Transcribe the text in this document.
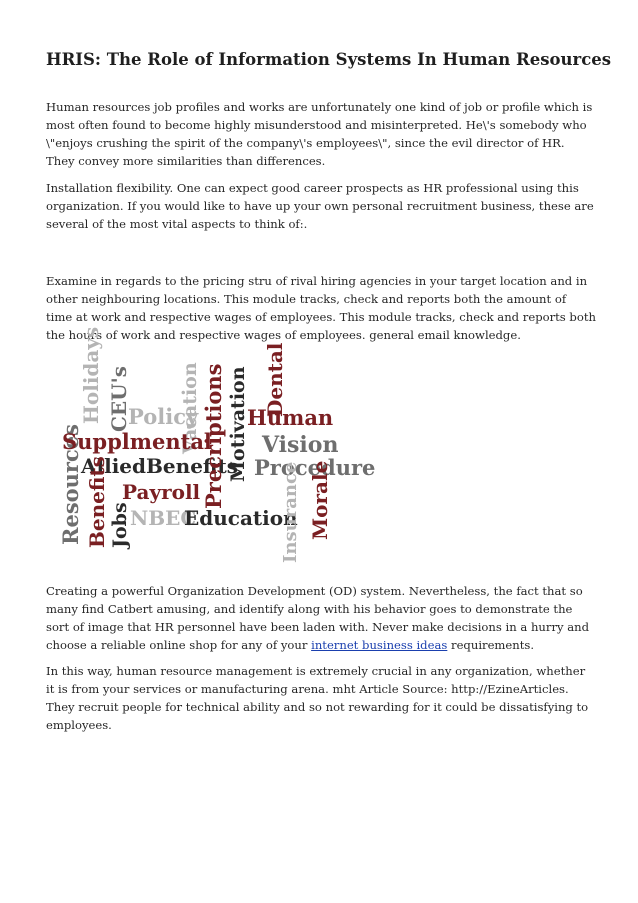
HRIS: The Role of Information Systems In Human Resources

Human resources job profiles and works are unfortunately one kind of job or profile which is most often found to become highly misunderstood and misinterpreted. He\'s somebody who \"enjoys crushing the spirit of the company\'s employees\", since the evil director of HR. They convey more similarities than differences.

Installation flexibility. One can expect good career prospects as HR professional using this organization. If you would like to have up your own personal recruitment business, these are several of the most vital aspects to think of:.

Examine in regards to the pricing stru of rival hiring agencies in your target location and in other neighbouring locations. This module tracks, check and reports both the amount of time at work and respective wages of employees. This module tracks, check and reports both the hours of work and respective wages of employees. general email knowledge.

Creating a powerful Organization Development (OD) system. Nevertheless, the fact that so many find Catbert amusing, and identify along with his behavior goes to demonstrate the sort of image that HR personnel have been laden with. Never make decisions in a hurry and choose a reliable online shop for any of your internet business ideas requirements.

In this way, human resource management is extremely crucial in any organization, whether it is from your services or manufacturing arena. mht Article Source: http://EzineArticles. They recruit people for technical ability and so not rewarding for it could be dissatisfying to employees.

Resources
Holidays CEU's
Policy
Vacation
Supplmental
AlliedBenefits
Benefits Jobs
Payroll
NBEC
Education
Precriptions Motivation Dental
Human
Vision
Procedure
Insurance Morale
